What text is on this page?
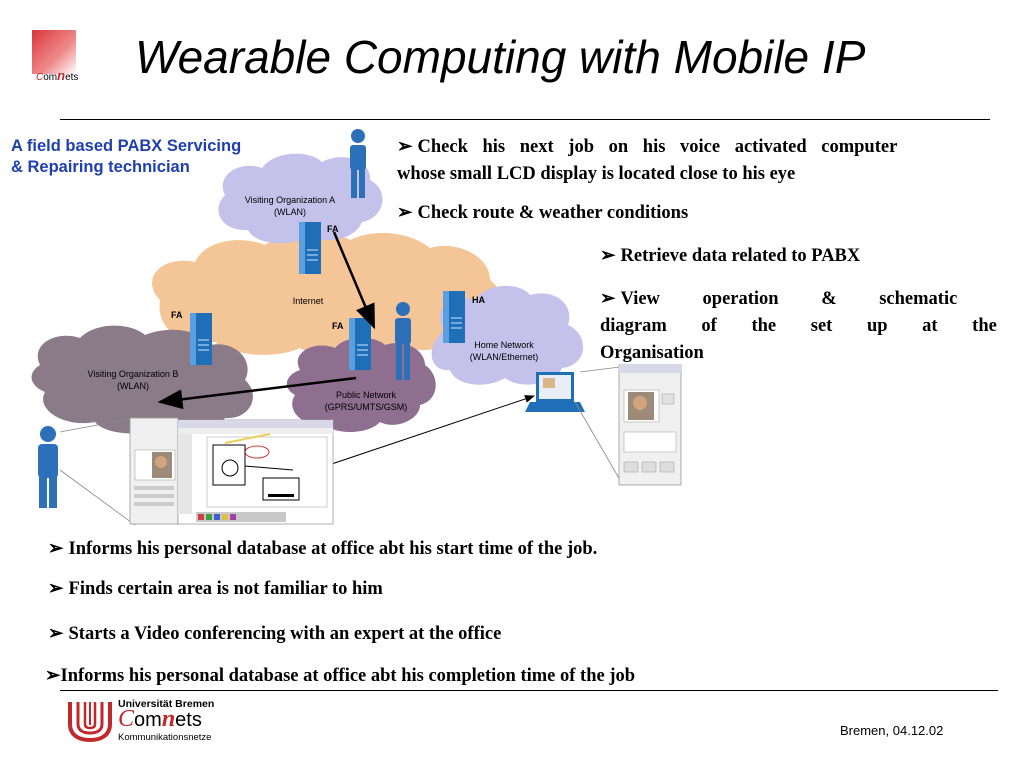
Comnets Wearable Computing with Mobile IP
A field based PABX Servicing
& Repairing technician
Visiting Organization A
(WLAN)
Internet
Home Network
(WLAN/Ethernet)
Visiting Organization B
(WLAN)
Public Network
(GPRS/UMTS/GSM)
FA
FA
FA
HA
➢ Check his next job on his voice activated computer
whose small LCD display is located close to his eye
➢ Check route & weather conditions
➢ Retrieve data related to PABX
➢ View operation & schematic
diagram of the set up at the
Organisation
➢ Informs his personal database at office abt his start time of the job.
➢ Finds certain area is not familiar to him
➢ Starts a Video conferencing with an expert at the office
➢Informs his personal database at office abt his completion time of the job
Universität Bremen
Comnets
Kommunikationsnetze	Bremen, 04.12.02
